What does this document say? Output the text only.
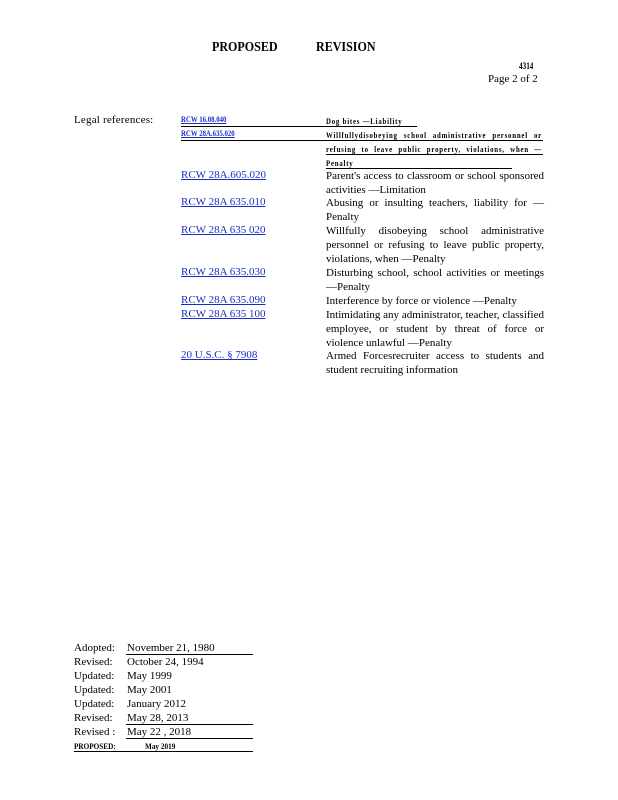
PROPOSED	REVISION
4314
Page 2 of 2
Legal references:	RCW 16.08.040	Dog bites —Liability
RCW 28A.635.020	Willfullydisobeying school administrative personnel or refusing to leave public property, violations, when —Penalty
RCW 28A.605.020	Parent's access to classroom or school sponsored activities —Limitation
RCW 28A 635.010	Abusing or insulting teachers, liability for — Penalty
RCW 28A 635 020	Willfully disobeying school administrative personnel or refusing to leave public property, violations, when —Penalty
RCW 28A 635.030	Disturbing school, school activities or meetings —Penalty
RCW 28A 635.090	Interference by force or violence —Penalty
RCW 28A 635 100	Intimidating any administrator, teacher, classified employee, or student by threat of force or violence unlawful —Penalty
20 U.S.C. § 7908	Armed Forcesrecruiter access to students and student recruiting information
Adopted: November 21, 1980
Revised: October 24, 1994
Updated: May 1999
Updated: May 2001
Updated: January 2012
Revised: May 28, 2013
Revised : May 22 , 2018
PROPOSED:	May 2019
